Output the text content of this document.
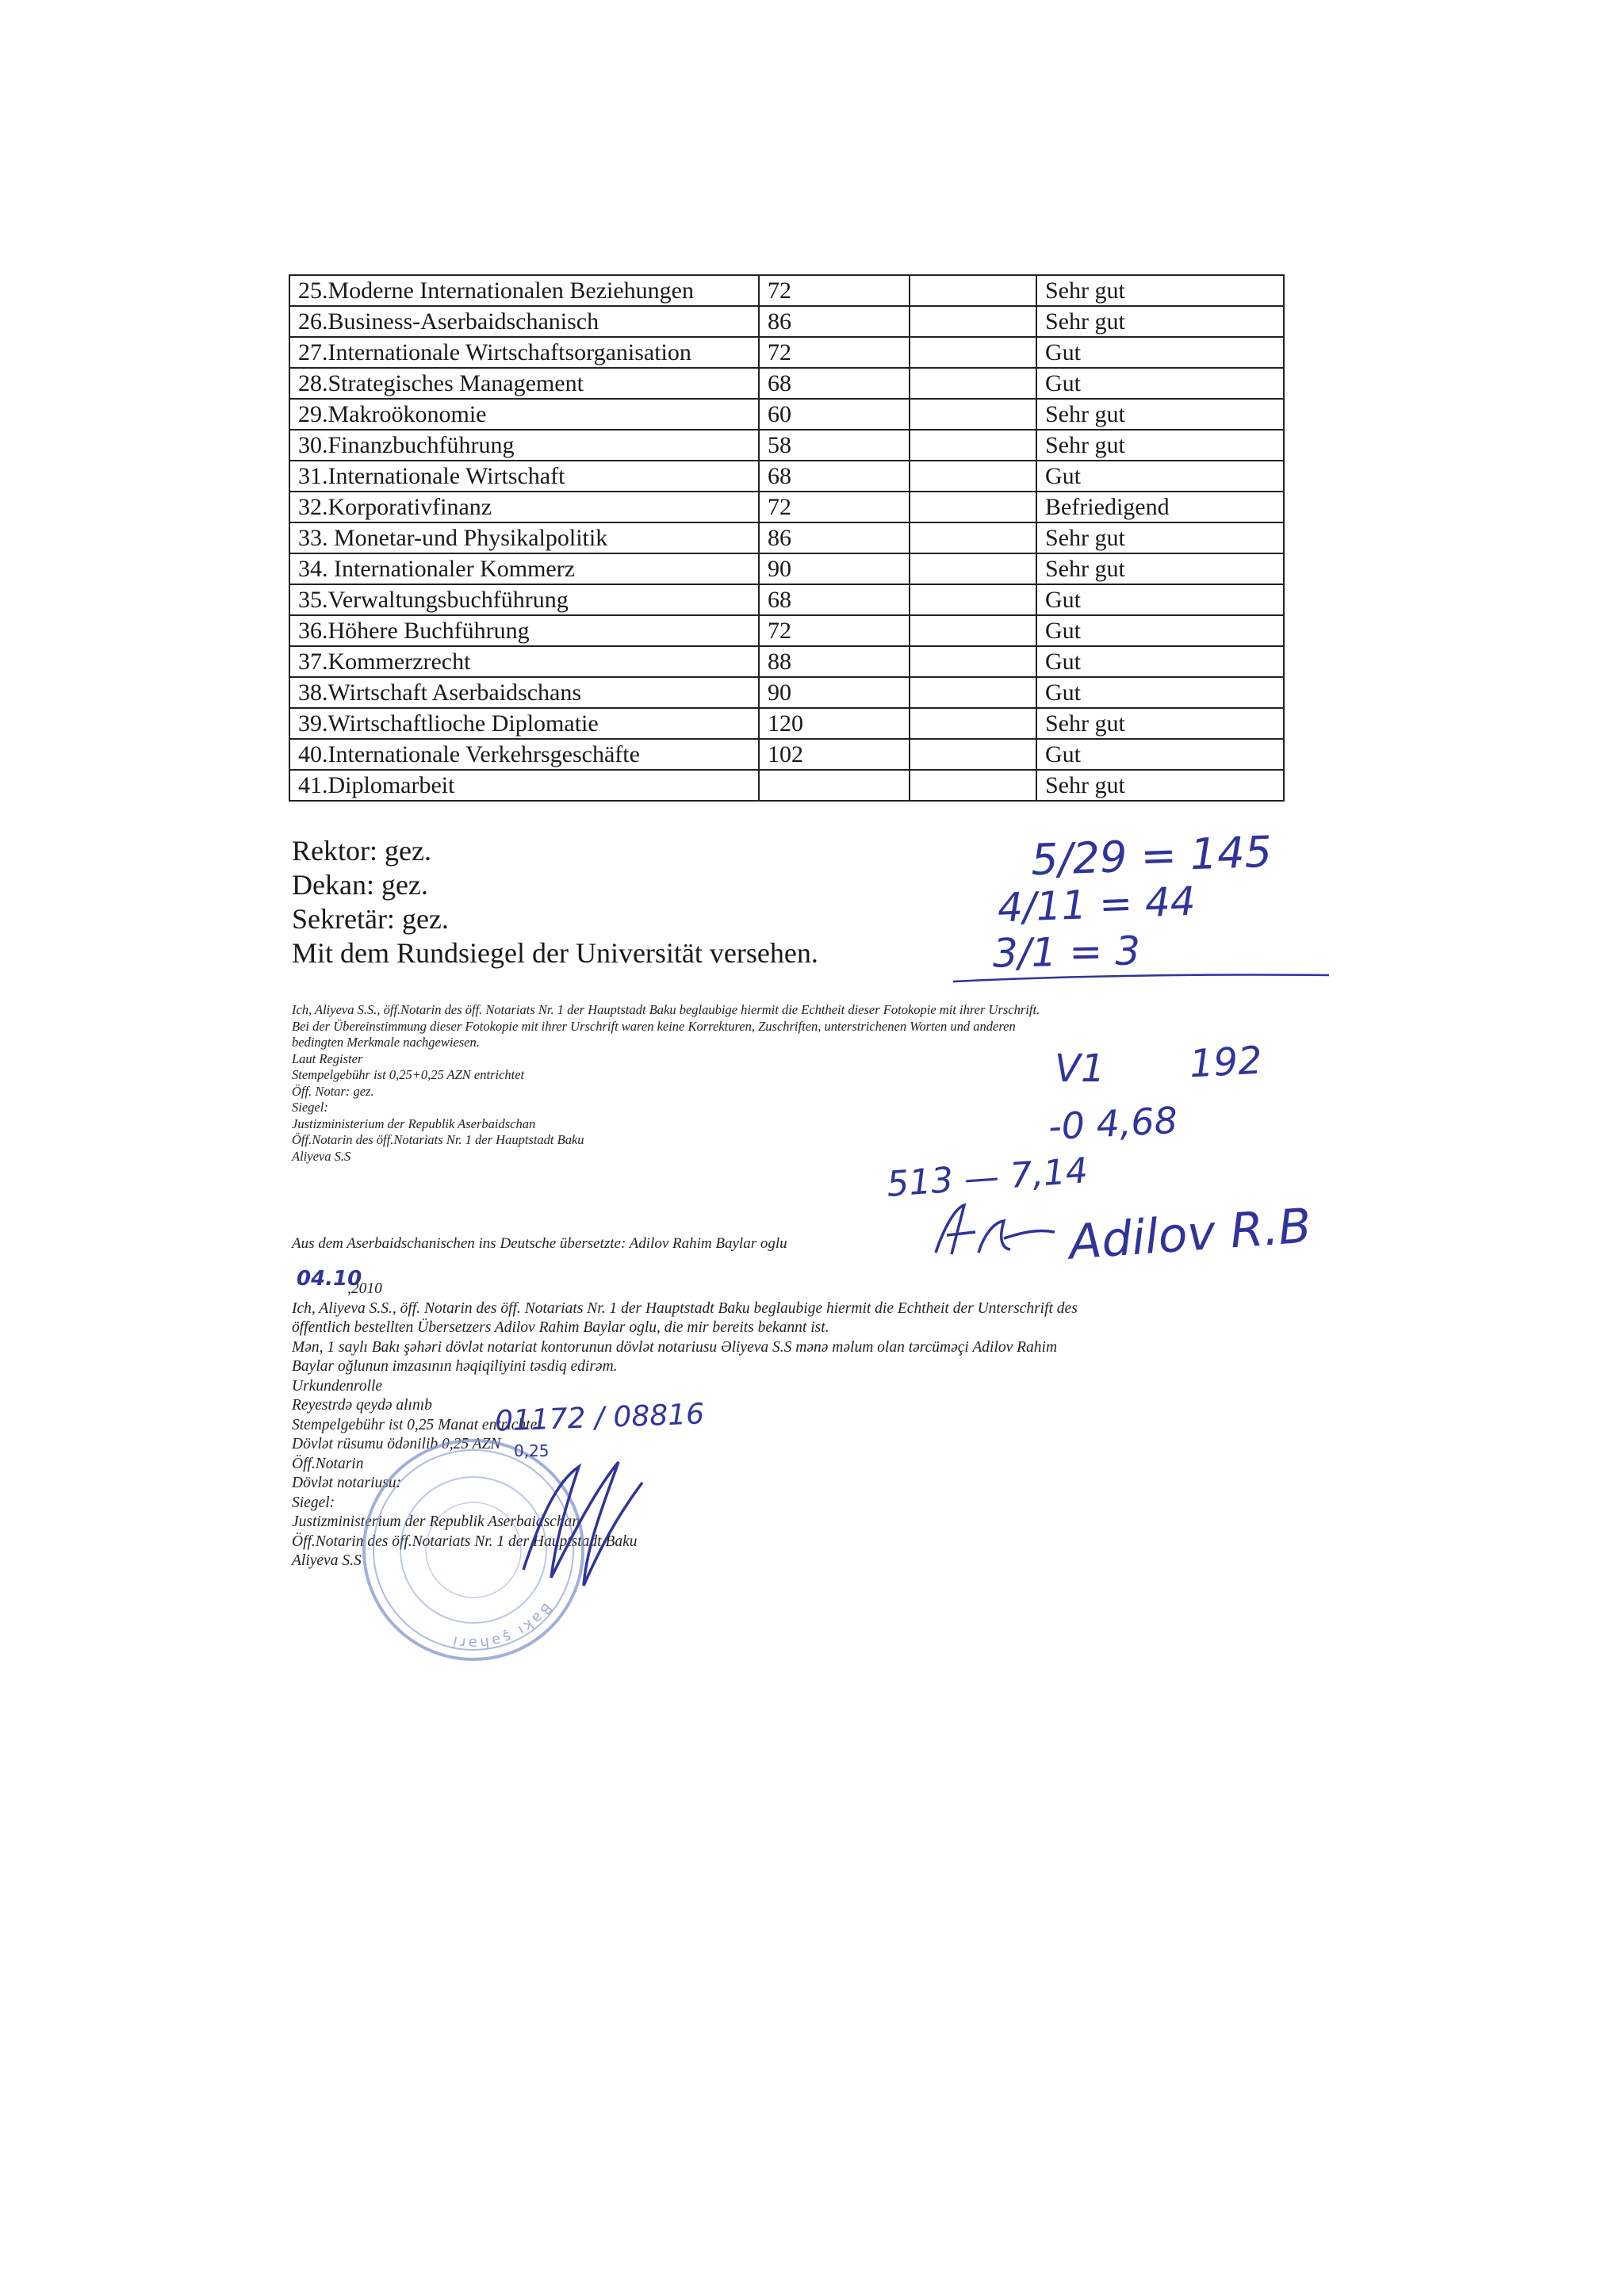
25.Moderne Internationalen Beziehungen	72		Sehr gut
26.Business-Aserbaidschanisch	86		Sehr gut
27.Internationale Wirtschaftsorganisation	72		Gut
28.Strategisches Management	68		Gut
29.Makroökonomie	60		Sehr gut
30.Finanzbuchführung	58		Sehr gut
31.Internationale Wirtschaft	68		Gut
32.Korporativfinanz	72		Befriedigend
33. Monetar-und Physikalpolitik	86		Sehr gut
34. Internationaler Kommerz	90		Sehr gut
35.Verwaltungsbuchführung	68		Gut
36.Höhere Buchführung	72		Gut
37.Kommerzrecht	88		Gut
38.Wirtschaft Aserbaidschans	90		Gut
39.Wirtschaftlioche Diplomatie	120		Sehr gut
40.Internationale Verkehrsgeschäfte	102		Gut
41.Diplomarbeit			Sehr gut
Rektor: gez.
Dekan: gez.
Sekretär: gez.
Mit dem Rundsiegel der Universität versehen.
Ich, Aliyeva S.S., öff.Notarin des öff. Notariats Nr. 1 der Hauptstadt Baku beglaubige hiermit die Echtheit dieser Fotokopie mit ihrer Urschrift.
Bei der Übereinstimmung dieser Fotokopie mit ihrer Urschrift waren keine Korrekturen, Zuschriften, unterstrichenen Worten und anderen
bedingten Merkmale nachgewiesen.
Laut Register
Stempelgebühr ist 0,25+0,25 AZN entrichtet
Öff. Notar: gez.
Siegel:
Justizministerium der Republik Aserbaidschan
Öff.Notarin des öff.Notariats Nr. 1 der Hauptstadt Baku
Aliyeva S.S
Aus dem Aserbaidschanischen ins Deutsche übersetzte: Adilov Rahim Baylar oglu
,2010
Ich, Aliyeva S.S., öff. Notarin des öff. Notariats Nr. 1 der Hauptstadt Baku beglaubige hiermit die Echtheit der Unterschrift des
öffentlich bestellten Übersetzers Adilov Rahim Baylar oglu, die mir bereits bekannt ist.
Mən, 1 saylı Bakı şəhəri dövlət notariat kontorunun dövlət notariusu Əliyeva S.S mənə məlum olan tərcüməçi Adilov Rahim
Baylar oğlunun imzasının həqiqiliyini təsdiq edirəm.
Urkundenrolle
Reyestrdə qeydə alınıb
Stempelgebühr ist 0,25 Manat entrichtet
Dövlət rüsumu ödənilib 0,25 AZN
Öff.Notarin
Dövlət notariusu:
Siegel:
Justizministerium der Republik Aserbaidschan
Öff.Notarin des öff.Notariats Nr. 1 der Hauptstadt Baku
Aliyeva S.S
Bakı şəhəri
5/29 = 145
4/11 = 44
3/1 = 3
V1 192
-0 4,68
513 — 7,14
Adilov R.B
04.10
01172 / 08816
0,25
